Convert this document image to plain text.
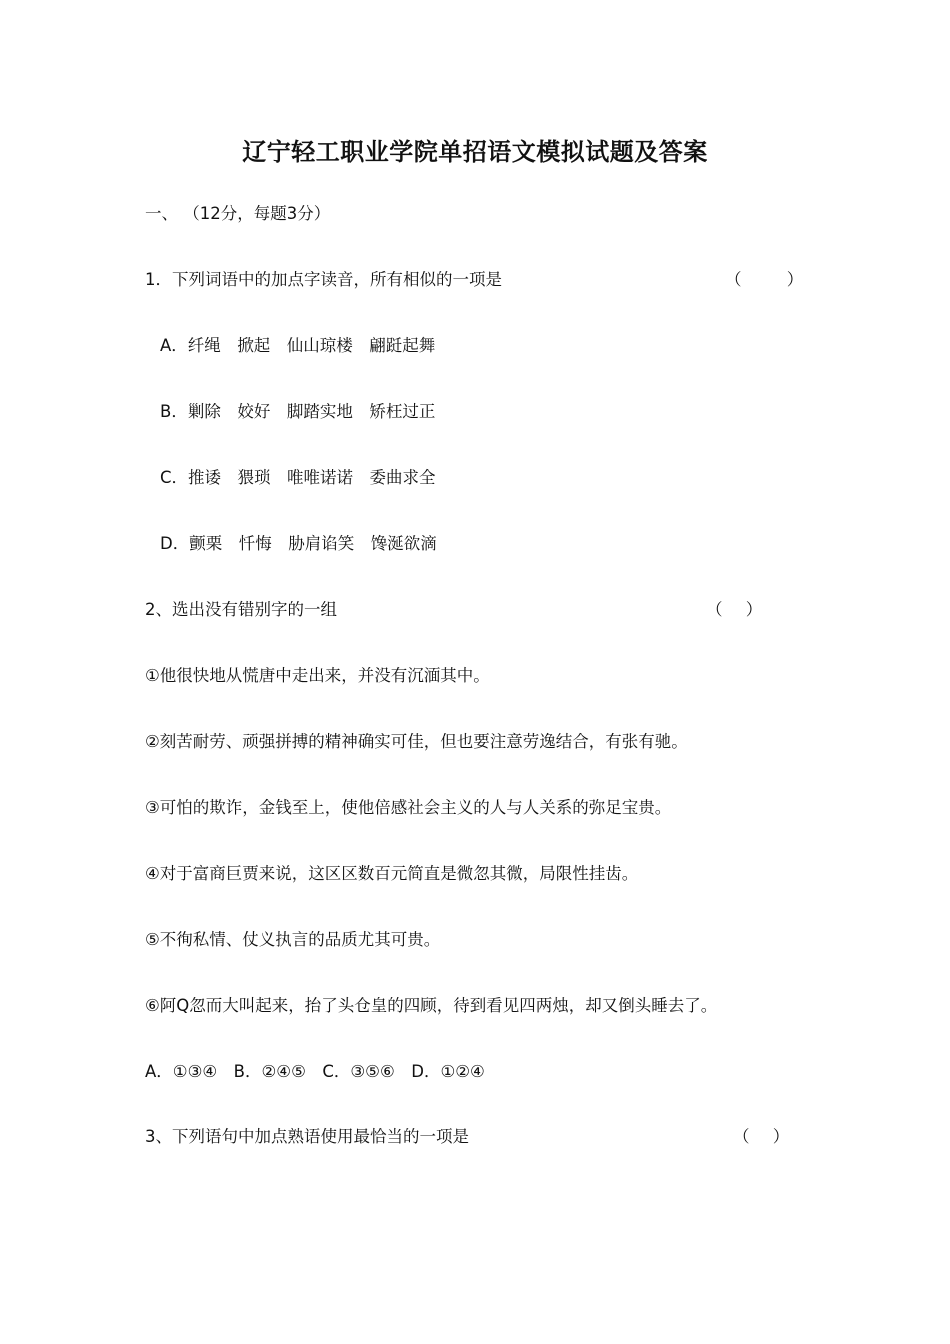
辽宁轻工职业学院单招语文模拟试题及答案
一、 （12分，每题3分）
1．下列词语中的加点字读音，所有相似的一项是	（ ）
A．纤绳　掀起　仙山琼楼　翩跹起舞
B．剿除　姣好　脚踏实地　矫枉过正
C．推诿　猥琐　唯唯诺诺　委曲求全
D．颤栗　忏悔　胁肩谄笑　馋涎欲滴
2、选出没有错别字的一组	（ ）
①他很快地从慌唐中走出来，并没有沉湎其中。
②刻苦耐劳、顽强拼搏的精神确实可佳，但也要注意劳逸结合，有张有驰。
③可怕的欺诈，金钱至上，使他倍感社会主义的人与人关系的弥足宝贵。
④对于富商巨贾来说，这区区数百元简直是微忽其微，局限性挂齿。
⑤不徇私情、仗义执言的品质尤其可贵。
⑥阿Q忽而大叫起来，抬了头仓皇的四顾，待到看见四两烛，却又倒头睡去了。
A．①③④　B．②④⑤　C．③⑤⑥　D．①②④
3、下列语句中加点熟语使用最恰当的一项是	（ ）
